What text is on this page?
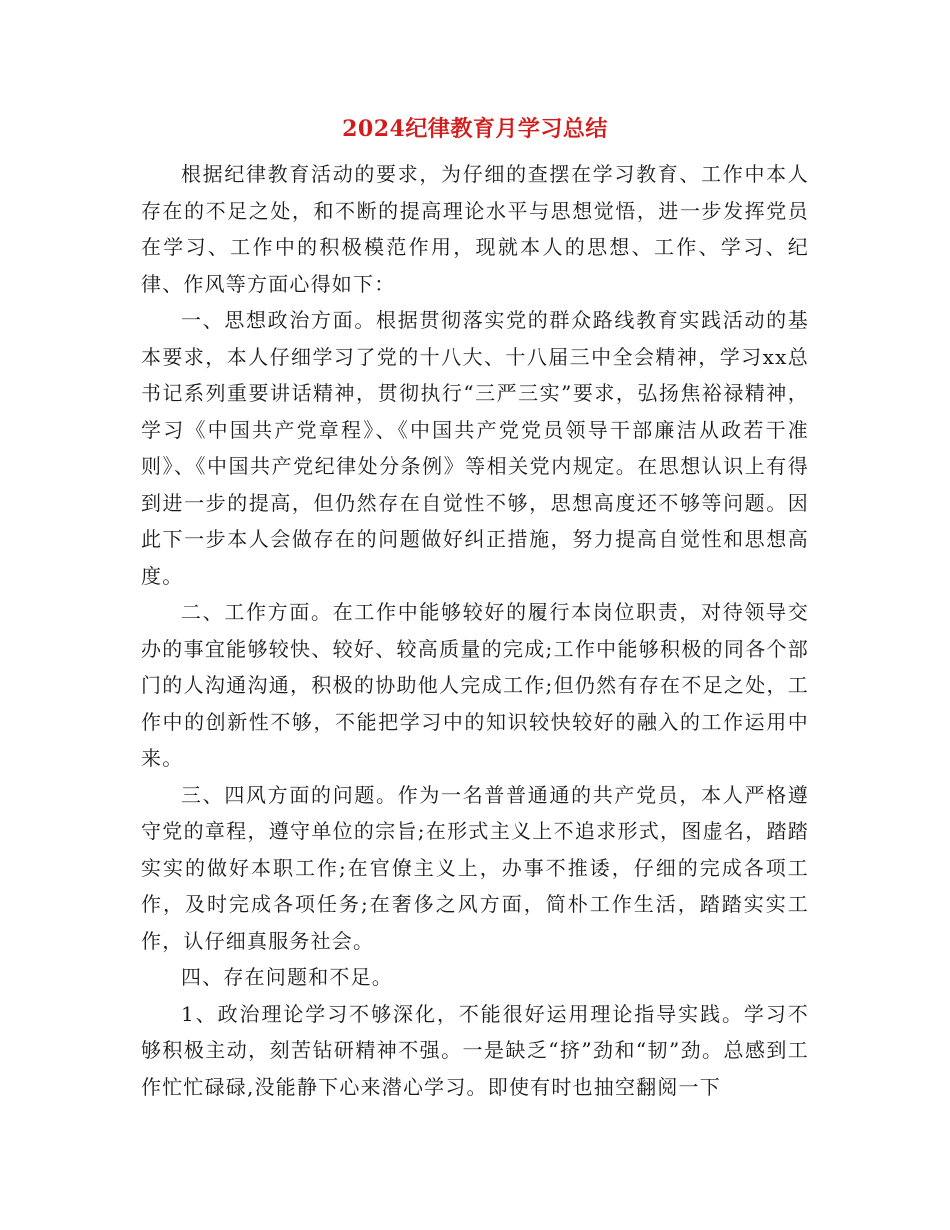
2024纪律教育月学习总结

根据纪律教育活动的要求，为仔细的查摆在学习教育、工作中本人存在的不足之处，和不断的提高理论水平与思想觉悟，进一步发挥党员在学习、工作中的积极模范作用，现就本人的思想、工作、学习、纪律、作风等方面心得如下：

一、思想政治方面。根据贯彻落实党的群众路线教育实践活动的基本要求，本人仔细学习了党的十八大、十八届三中全会精神，学习xx总书记系列重要讲话精神，贯彻执行“三严三实”要求，弘扬焦裕禄精神，学习《中国共产党章程》、《中国共产党党员领导干部廉洁从政若干准则》、《中国共产党纪律处分条例》等相关党内规定。在思想认识上有得到进一步的提高，但仍然存在自觉性不够，思想高度还不够等问题。因此下一步本人会做存在的问题做好纠正措施，努力提高自觉性和思想高度。

二、工作方面。在工作中能够较好的履行本岗位职责，对待领导交办的事宜能够较快、较好、较高质量的完成;工作中能够积极的同各个部门的人沟通沟通，积极的协助他人完成工作;但仍然有存在不足之处，工作中的创新性不够，不能把学习中的知识较快较好的融入的工作运用中来。

三、四风方面的问题。作为一名普普通通的共产党员，本人严格遵守党的章程，遵守单位的宗旨;在形式主义上不追求形式，图虚名，踏踏实实的做好本职工作;在官僚主义上，办事不推诿，仔细的完成各项工作，及时完成各项任务;在奢侈之风方面，简朴工作生活，踏踏实实工作，认仔细真服务社会。

四、存在问题和不足。

1、政治理论学习不够深化，不能很好运用理论指导实践。学习不够积极主动，刻苦钻研精神不强。一是缺乏“挤”劲和“韧”劲。总感到工作忙忙碌碌,没能静下心来潜心学习。即使有时也抽空翻阅一下
